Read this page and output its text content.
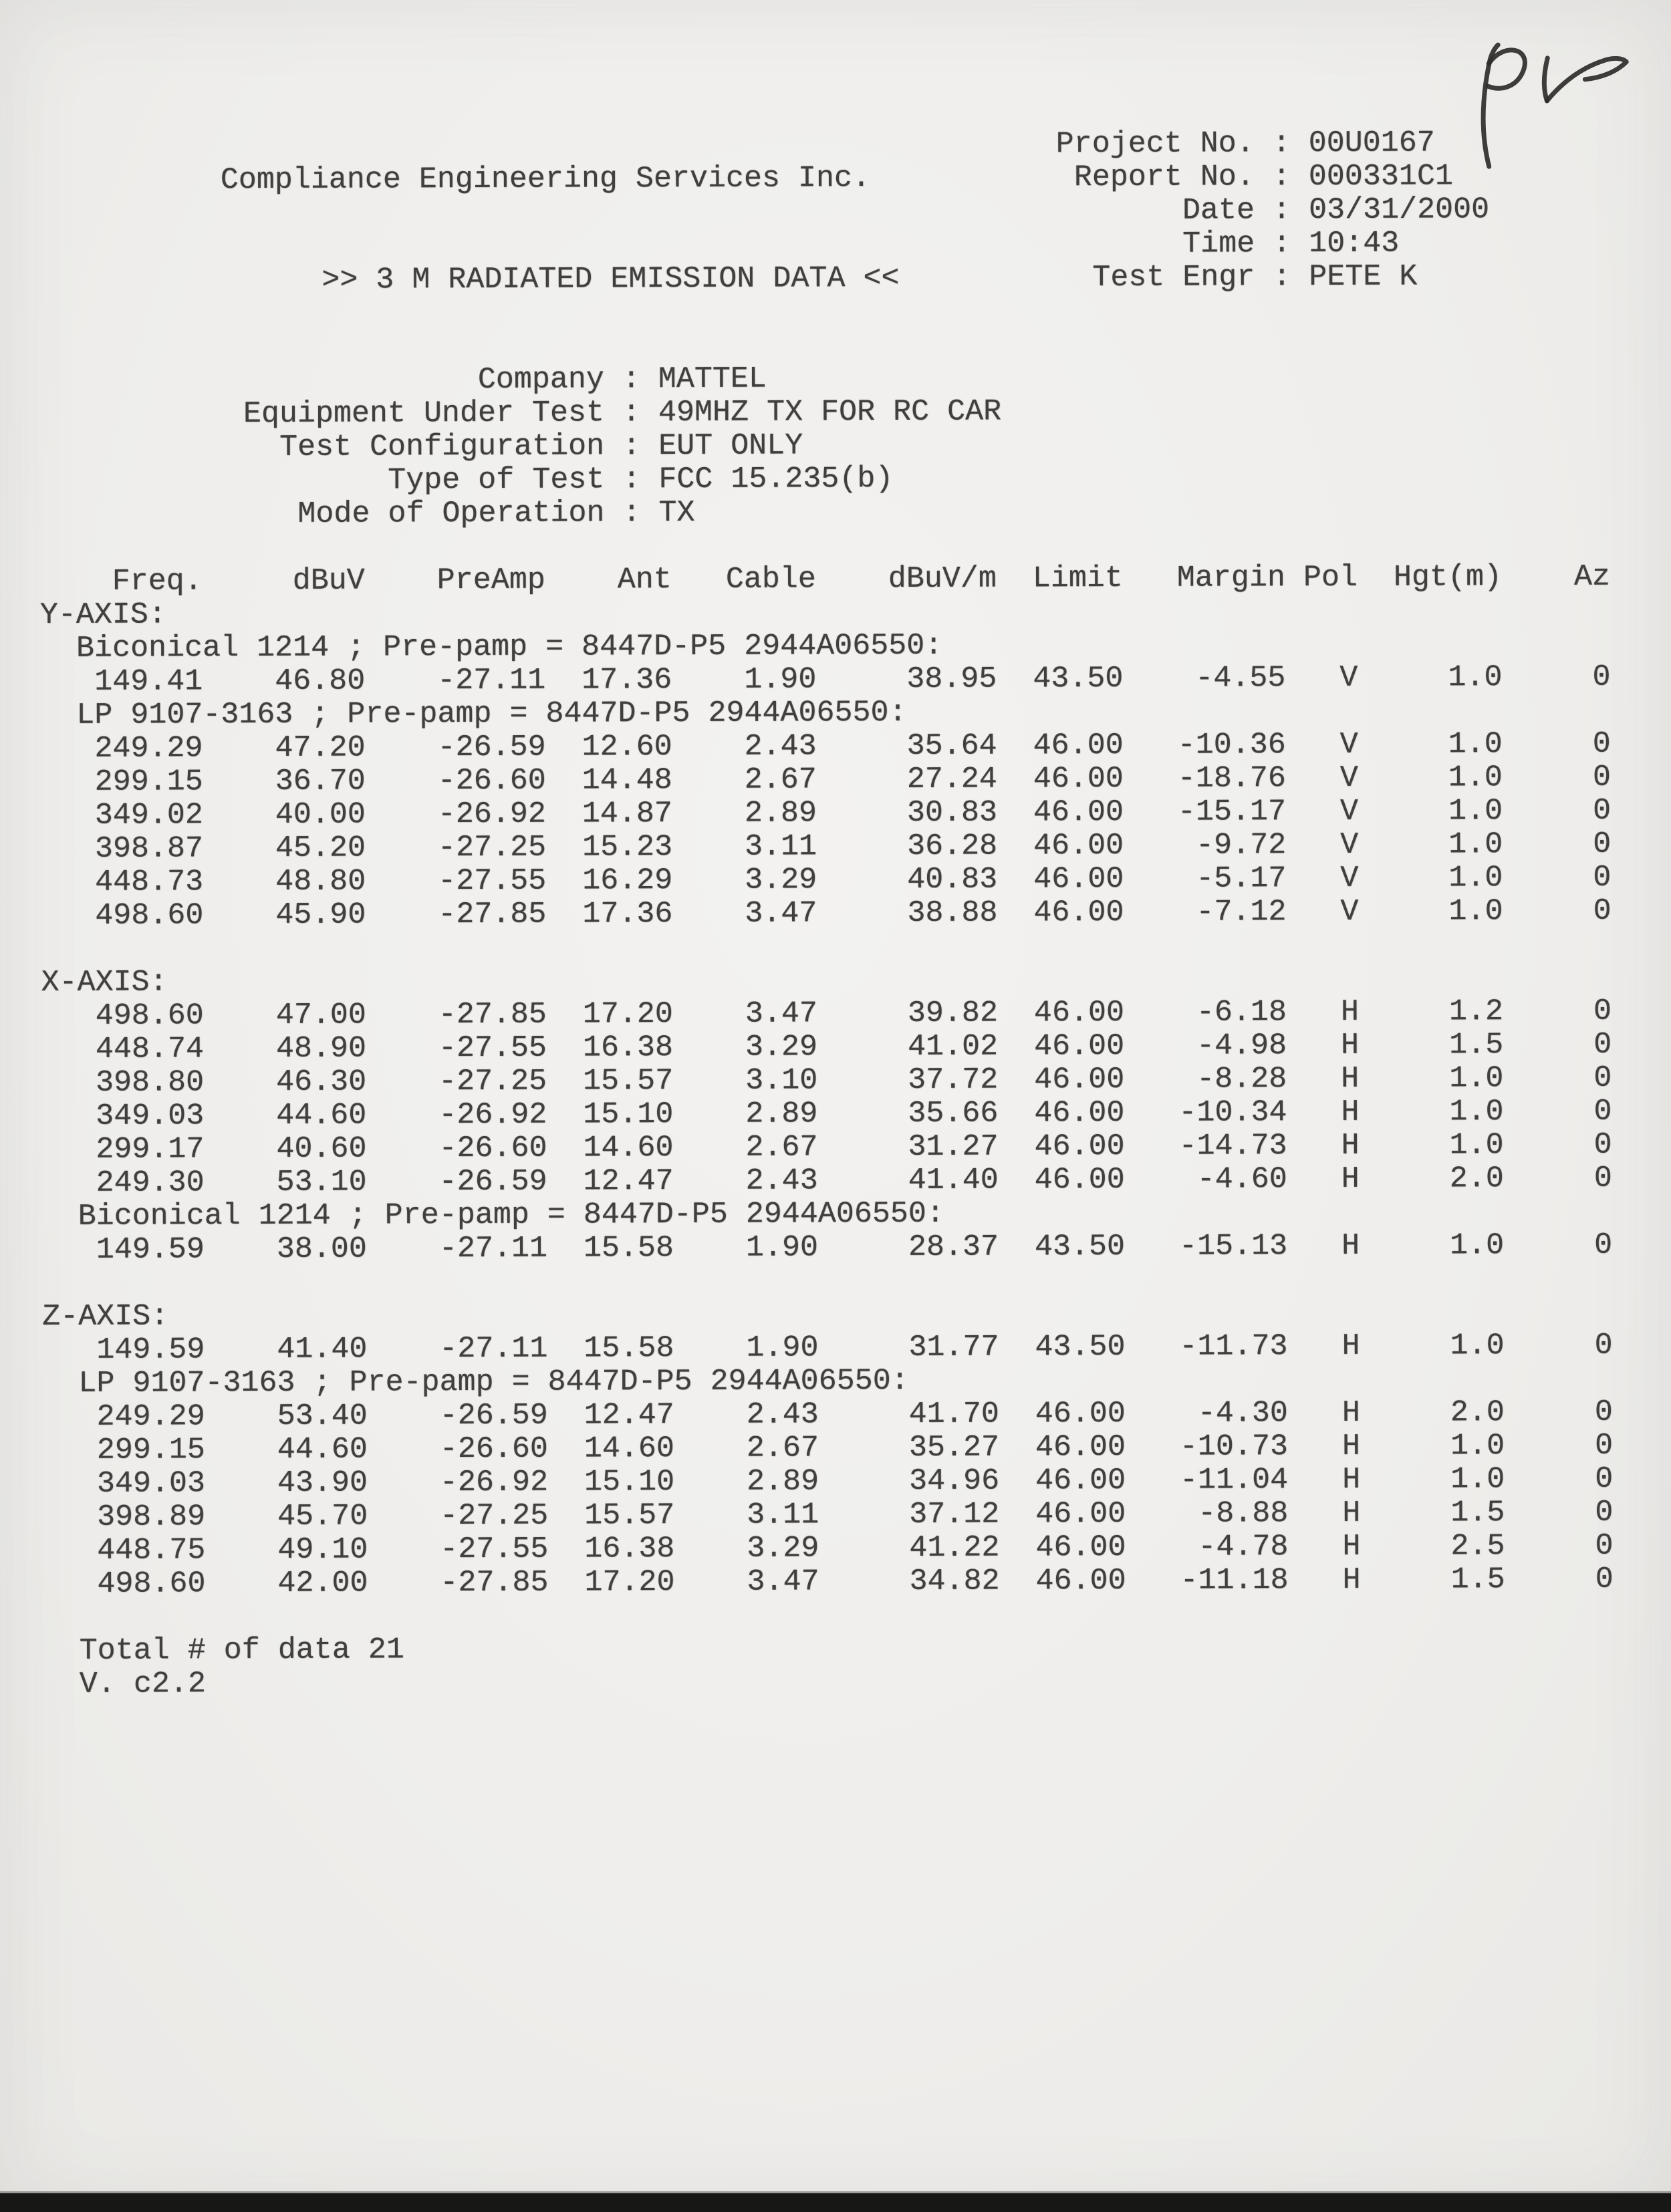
Project No. : 00U0167
Report No. : 000331C1
Date : 03/31/2000
Time : 10:43
Test Engr : PETE K
Compliance Engineering Services Inc.
>> 3 M RADIATED EMISSION DATA <<
Company : MATTEL
Equipment Under Test : 49MHZ TX FOR RC CAR
Test Configuration : EUT ONLY
Type of Test : FCC 15.235(b)
Mode of Operation : TX
Freq.	dBuV	PreAmp	Ant	Cable	dBuV/m	Limit	Margin Pol	Hgt(m)	Az
Y-AXIS:
Biconical 1214 ; Pre-pamp = 8447D-P5 2944A06550:
149.41	46.80	-27.11	17.36	1.90	38.95	43.50	-4.55	V	1.0	0
LP 9107-3163 ; Pre-pamp = 8447D-P5 2944A06550:
249.29	47.20	-26.59	12.60	2.43	35.64	46.00	-10.36	V	1.0	0
299.15	36.70	-26.60	14.48	2.67	27.24	46.00	-18.76	V	1.0	0
349.02	40.00	-26.92	14.87	2.89	30.83	46.00	-15.17	V	1.0	0
398.87	45.20	-27.25	15.23	3.11	36.28	46.00	-9.72	V	1.0	0
448.73	48.80	-27.55	16.29	3.29	40.83	46.00	-5.17	V	1.0	0
498.60	45.90	-27.85	17.36	3.47	38.88	46.00	-7.12	V	1.0	0
X-AXIS:
498.60	47.00	-27.85	17.20	3.47	39.82	46.00	-6.18	H	1.2	0
448.74	48.90	-27.55	16.38	3.29	41.02	46.00	-4.98	H	1.5	0
398.80	46.30	-27.25	15.57	3.10	37.72	46.00	-8.28	H	1.0	0
349.03	44.60	-26.92	15.10	2.89	35.66	46.00	-10.34	H	1.0	0
299.17	40.60	-26.60	14.60	2.67	31.27	46.00	-14.73	H	1.0	0
249.30	53.10	-26.59	12.47	2.43	41.40	46.00	-4.60	H	2.0	0
Biconical 1214 ; Pre-pamp = 8447D-P5 2944A06550:
149.59	38.00	-27.11	15.58	1.90	28.37	43.50	-15.13	H	1.0	0
Z-AXIS:
149.59	41.40	-27.11	15.58	1.90	31.77	43.50	-11.73	H	1.0	0
LP 9107-3163 ; Pre-pamp = 8447D-P5 2944A06550:
249.29	53.40	-26.59	12.47	2.43	41.70	46.00	-4.30	H	2.0	0
299.15	44.60	-26.60	14.60	2.67	35.27	46.00	-10.73	H	1.0	0
349.03	43.90	-26.92	15.10	2.89	34.96	46.00	-11.04	H	1.0	0
398.89	45.70	-27.25	15.57	3.11	37.12	46.00	-8.88	H	1.5	0
448.75	49.10	-27.55	16.38	3.29	41.22	46.00	-4.78	H	2.5	0
498.60	42.00	-27.85	17.20	3.47	34.82	46.00	-11.18	H	1.5	0
Total # of data 21
V. c2.2
